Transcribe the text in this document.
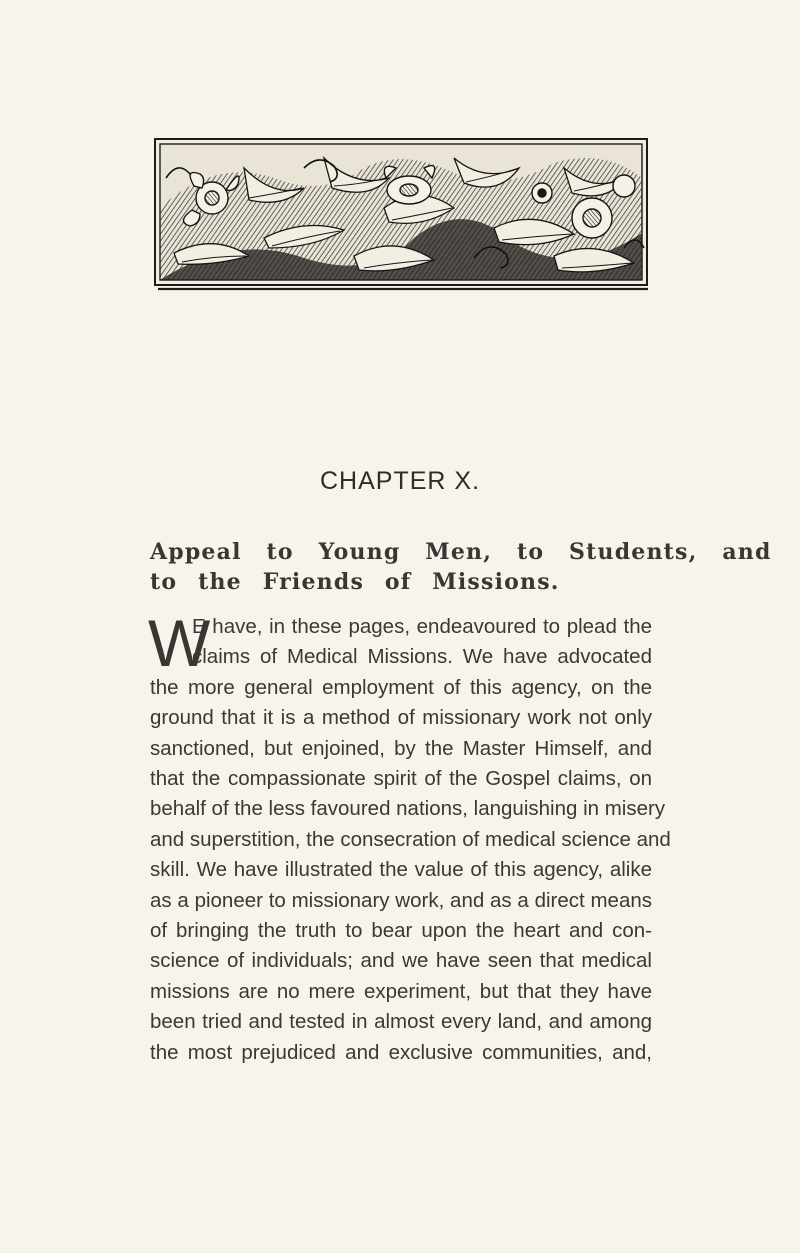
CHAPTER X.
Appeal to Young Men, to Students, and
to the Friends of Missions.
W
E have, in these pages, endeavoured to plead the
claims of Medical Missions. We have advocated
the more general employment of this agency, on the
ground that it is a method of missionary work not only
sanctioned, but enjoined, by the Master Himself, and
that the compassionate spirit of the Gospel claims, on
behalf of the less favoured nations, languishing in misery
and superstition, the consecration of medical science and
skill. We have illustrated the value of this agency, alike
as a pioneer to missionary work, and as a direct means
of bringing the truth to bear upon the heart and con-
science of individuals; and we have seen that medical
missions are no mere experiment, but that they have
been tried and tested in almost every land, and among
the most prejudiced and exclusive communities, and,
